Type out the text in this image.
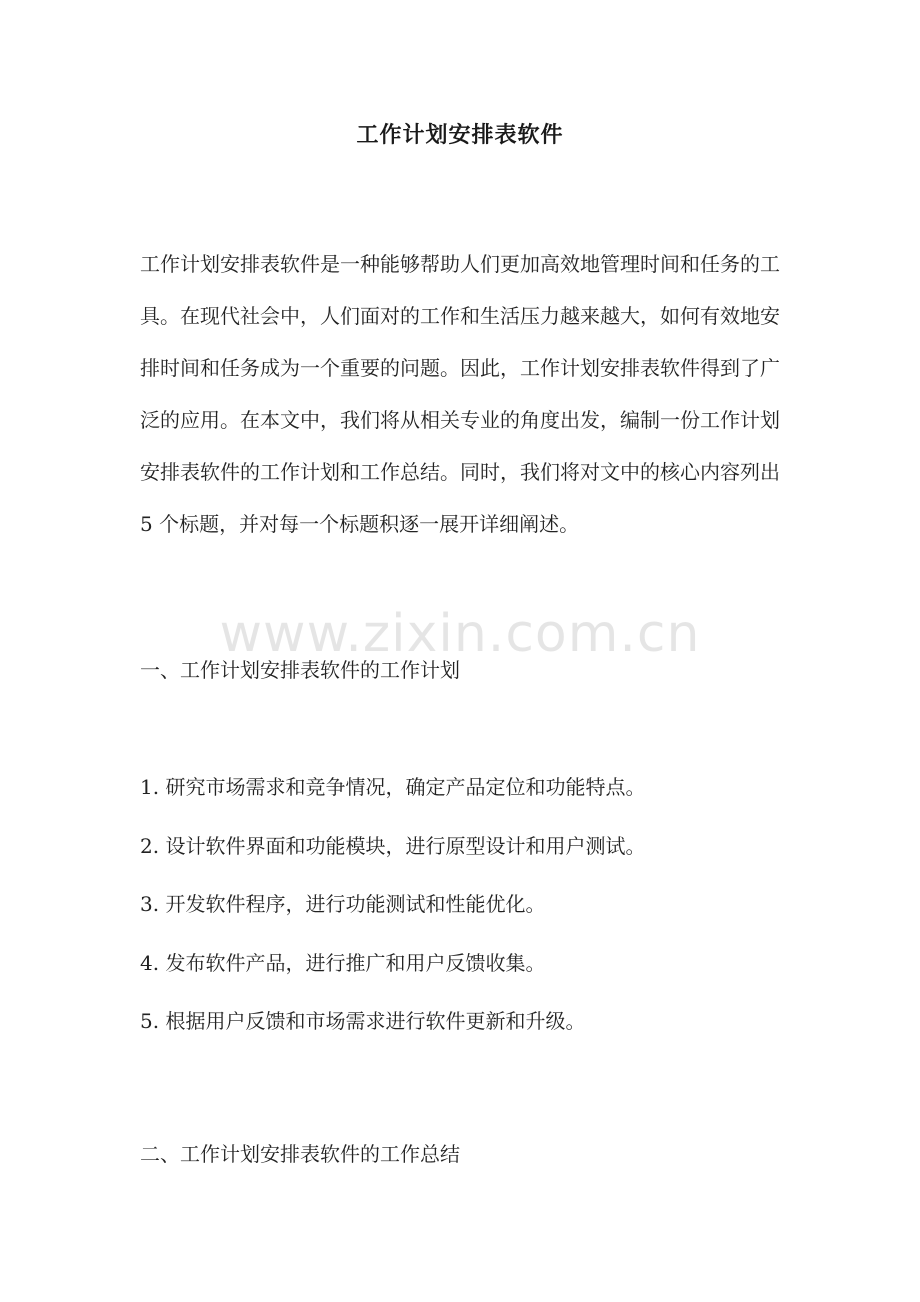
www.zixin.com.cn
工作计划安排表软件

工作计划安排表软件是一种能够帮助人们更加高效地管理时间和任务的工具。在现代社会中，人们面对的工作和生活压力越来越大，如何有效地安排时间和任务成为一个重要的问题。因此，工作计划安排表软件得到了广泛的应用。在本文中，我们将从相关专业的角度出发，编制一份工作计划安排表软件的工作计划和工作总结。同时，我们将对文中的核心内容列出 5 个标题，并对每一个标题积逐一展开详细阐述。

一、工作计划安排表软件的工作计划

1. 研究市场需求和竞争情况，确定产品定位和功能特点。
2. 设计软件界面和功能模块，进行原型设计和用户测试。
3. 开发软件程序，进行功能测试和性能优化。
4. 发布软件产品，进行推广和用户反馈收集。
5. 根据用户反馈和市场需求进行软件更新和升级。

二、工作计划安排表软件的工作总结
